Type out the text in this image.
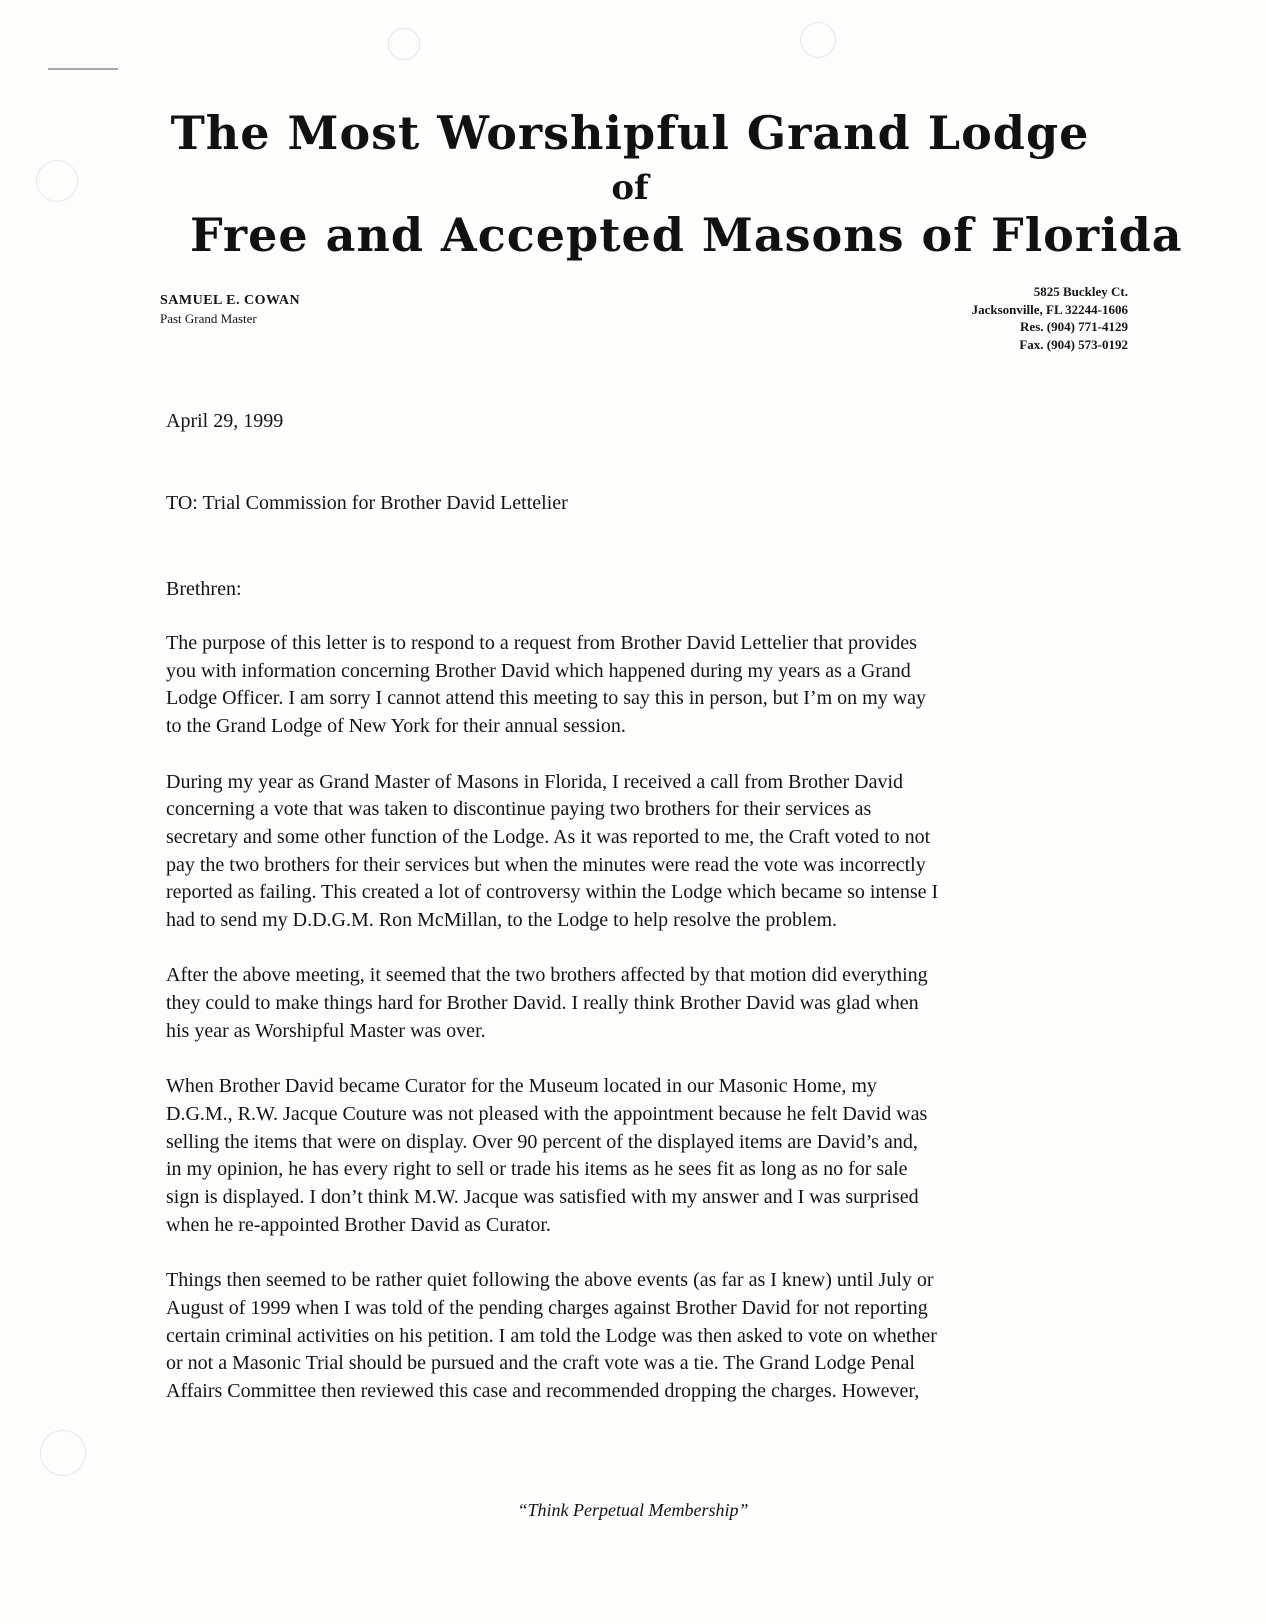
The Most Worshipful Grand Lodge
of
Free and Accepted Masons of Florida
SAMUEL E. COWAN
Past Grand Master
5825 Buckley Ct.
Jacksonville, FL 32244-1606
Res. (904) 771-4129
Fax. (904) 573-0192
April 29, 1999
TO: Trial Commission for Brother David Lettelier
Brethren:

The purpose of this letter is to respond to a request from Brother David Lettelier that provides
you with information concerning Brother David which happened during my years as a Grand
Lodge Officer. I am sorry I cannot attend this meeting to say this in person, but I’m on my way
to the Grand Lodge of New York for their annual session.

During my year as Grand Master of Masons in Florida, I received a call from Brother David
concerning a vote that was taken to discontinue paying two brothers for their services as
secretary and some other function of the Lodge. As it was reported to me, the Craft voted to not
pay the two brothers for their services but when the minutes were read the vote was incorrectly
reported as failing. This created a lot of controversy within the Lodge which became so intense I
had to send my D.D.G.M. Ron McMillan, to the Lodge to help resolve the problem.

After the above meeting, it seemed that the two brothers affected by that motion did everything
they could to make things hard for Brother David. I really think Brother David was glad when
his year as Worshipful Master was over.

When Brother David became Curator for the Museum located in our Masonic Home, my
D.G.M., R.W. Jacque Couture was not pleased with the appointment because he felt David was
selling the items that were on display. Over 90 percent of the displayed items are David’s and,
in my opinion, he has every right to sell or trade his items as he sees fit as long as no for sale
sign is displayed. I don’t think M.W. Jacque was satisfied with my answer and I was surprised
when he re-appointed Brother David as Curator.

Things then seemed to be rather quiet following the above events (as far as I knew) until July or
August of 1999 when I was told of the pending charges against Brother David for not reporting
certain criminal activities on his petition. I am told the Lodge was then asked to vote on whether
or not a Masonic Trial should be pursued and the craft vote was a tie. The Grand Lodge Penal
Affairs Committee then reviewed this case and recommended dropping the charges. However,

“Think Perpetual Membership”
